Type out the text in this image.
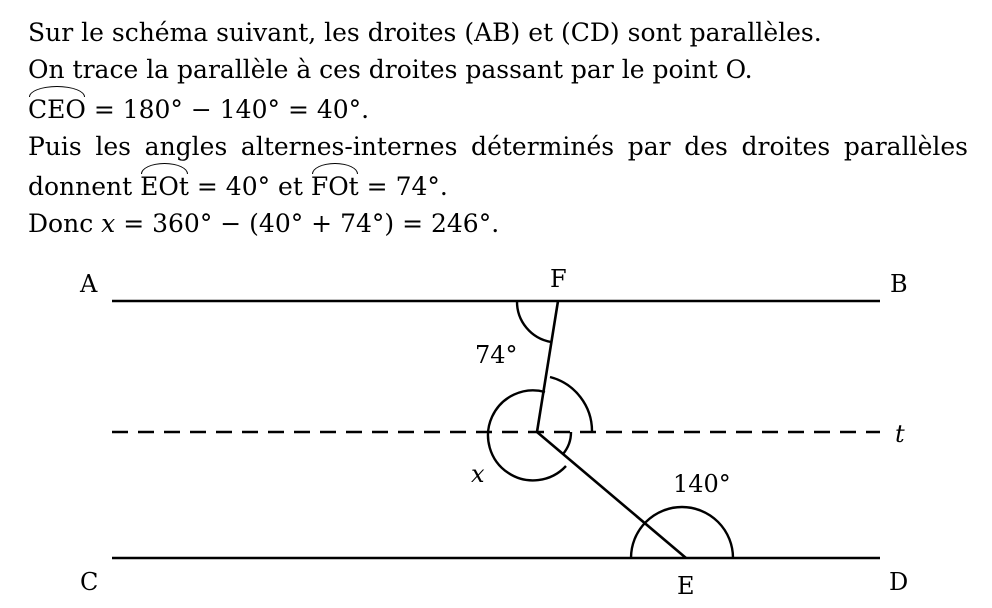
Sur le schéma suivant, les droites (AB) et (CD) sont parallèles.
On trace la parallèle à ces droites passant par le point O.
CEO = 180° − 140° = 40°.
Puis les angles alternes-internes déterminés par des droites parallèles
donnent EOt = 40° et FOt = 74°.
Donc x = 360° − (40° + 74°) = 246°.
A	F	B
C	E	D
t
74°
140°
x
